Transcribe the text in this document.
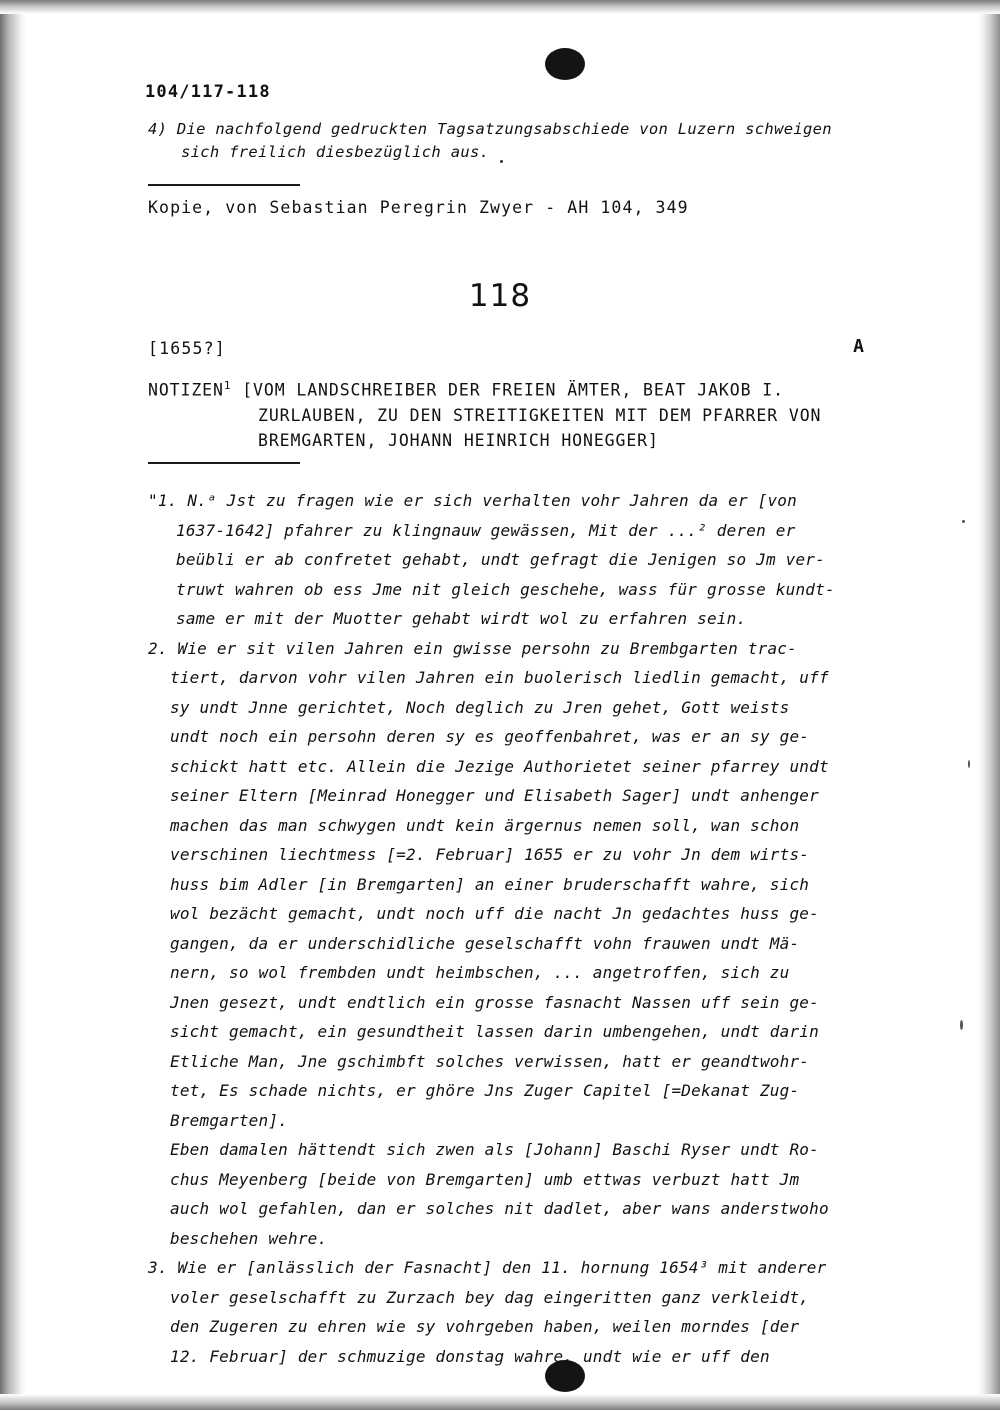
104/117-118
4) Die nachfolgend gedruckten Tagsatzungsabschiede von Luzern schweigen
sich freilich diesbezüglich aus.
Kopie, von Sebastian Peregrin Zwyer - AH 104, 349
118
[1655?]	A
NOTIZEN$^1$ [VOM LANDSCHREIBER DER FREIEN ÄMTER, BEAT JAKOB I.
ZURLAUBEN, ZU DEN STREITIGKEITEN MIT DEM PFARRER VON
BREMGARTEN, JOHANN HEINRICH HONEGGER]
"1. N.ᵃ Jst zu fragen wie er sich verhalten vohr Jahren da er [von
1637-1642] pfahrer zu klingnauw gewässen, Mit der ...² deren er
beübli er ab confretet gehabt, undt gefragt die Jenigen so Jm ver-
truwt wahren ob ess Jme nit gleich geschehe, wass für grosse kundt-
same er mit der Muotter gehabt wirdt wol zu erfahren sein.
2. Wie er sit vilen Jahren ein gwisse persohn zu Brembgarten trac-
tiert, darvon vohr vilen Jahren ein buolerisch liedlin gemacht, uff
sy undt Jnne gerichtet, Noch deglich zu Jren gehet, Gott weists
undt noch ein persohn deren sy es geoffenbahret, was er an sy ge-
schickt hatt etc. Allein die Jezige Authorietet seiner pfarrey undt
seiner Eltern [Meinrad Honegger und Elisabeth Sager] undt anhenger
machen das man schwygen undt kein ärgernus nemen soll, wan schon
verschinen liechtmess [=2. Februar] 1655 er zu vohr Jn dem wirts-
huss bim Adler [in Bremgarten] an einer bruderschafft wahre, sich
wol bezächt gemacht, undt noch uff die nacht Jn gedachtes huss ge-
gangen, da er underschidliche geselschafft vohn frauwen undt Mä-
nern, so wol frembden undt heimbschen, ... angetroffen, sich zu
Jnen gesezt, undt endtlich ein grosse fasnacht Nassen uff sein ge-
sicht gemacht, ein gesundtheit lassen darin umbengehen, undt darin
Etliche Man, Jne gschimbft solches verwissen, hatt er geandtwohr-
tet, Es schade nichts, er ghöre Jns Zuger Capitel [=Dekanat Zug-
Bremgarten].
Eben damalen hättendt sich zwen als [Johann] Baschi Ryser undt Ro-
chus Meyenberg [beide von Bremgarten] umb ettwas verbuzt hatt Jm
auch wol gefahlen, dan er solches nit dadlet, aber wans anderstwoho
beschehen wehre.
3. Wie er [anlässlich der Fasnacht] den 11. hornung 1654³ mit anderer
voler geselschafft zu Zurzach bey dag eingeritten ganz verkleidt,
den Zugeren zu ehren wie sy vohrgeben haben, weilen morndes [der
12. Februar] der schmuzige donstag wahre, undt wie er uff den
